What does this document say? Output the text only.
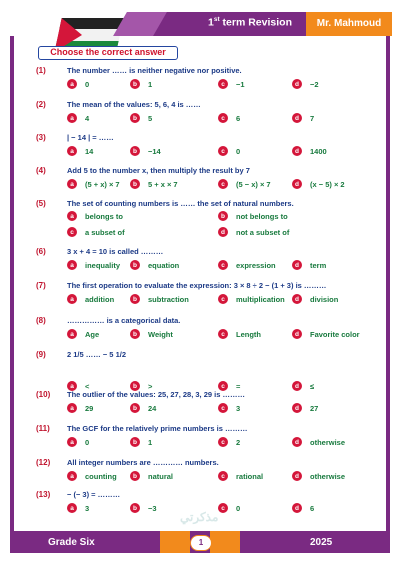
1st term Revision	Mr. Mahmoud
Choose the correct answer
(1)	The number …… is neither negative nor positive.
a	0	b	1	c	−1	d	−2
(2)	The mean of the values: 5, 6, 4 is ……
a	4	b	5	c	6	d	7
(3)	| − 14 | = ……
a	14	b	−14	c	0	d	1400
(4)	Add 5 to the number x, then multiply the result by 7
a	(5 + x) × 7	b	5 + x × 7	c	(5 − x) × 7	d	(x − 5) × 2
(5)	The set of counting numbers is …… the set of natural numbers.
a	belongs to	b	not belongs to
c	a subset of	d	not a subset of
(6)	3 x + 4 = 10 is called ………
a	inequality	b	equation	c	expression	d	term
(7)	The first operation to evaluate the expression: 3 × 8 ÷ 2 − (1 + 3) is ………
a	addition	b	subtraction	c	multiplication	d	division
(8)	…………… is a categorical data.
a	Age	b	Weight	c	Length	d	Favorite color
(9)	2 1/5 …… − 5 1/2
a	<	b	>	c	=	d	≤
(10) The outlier of the values: 25, 27, 28, 3, 29 is ………
a	29	b	24	c	3	d	27
(11) The GCF for the relatively prime numbers is ………
a	0	b	1	c	2	d	otherwise
(12) All integer numbers are ………… numbers.
a	counting	b	natural	c	rational	d	otherwise
(13) − (− 3) = ………
a	3	b	−3	c	0	d	6
مذكرتي
Grade Six	1	2025
